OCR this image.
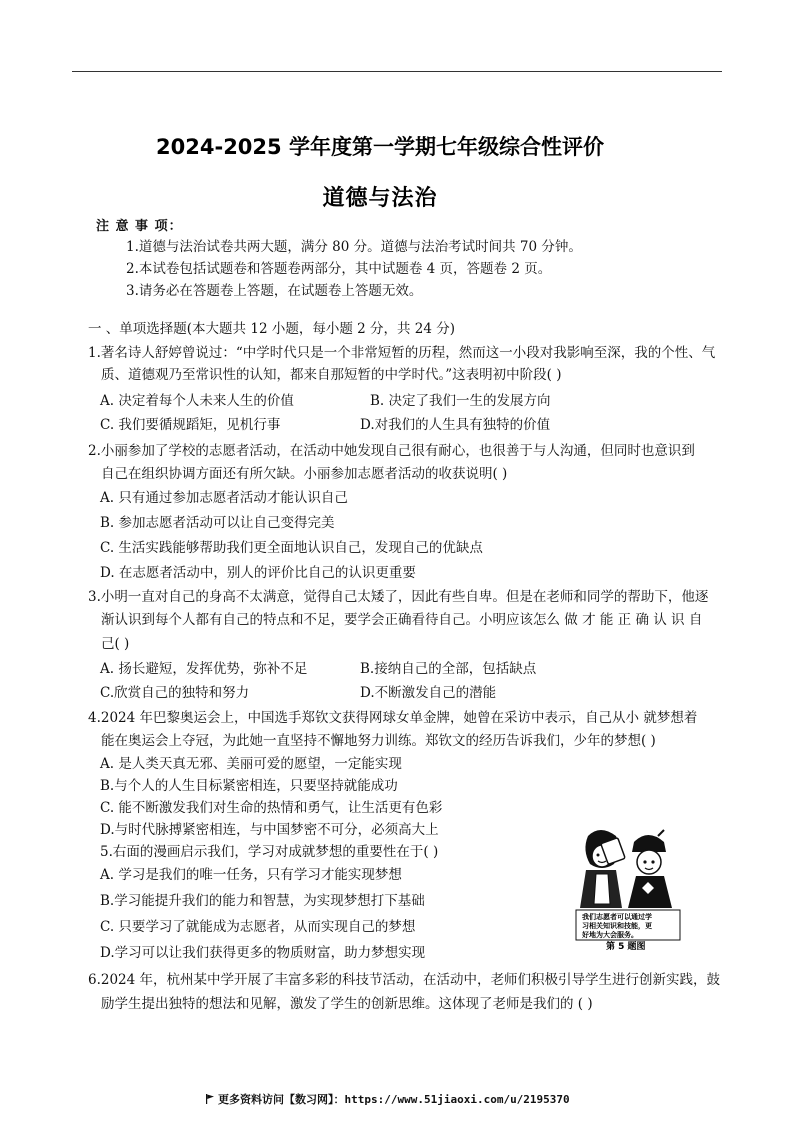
2024-2025 学年度第一学期七年级综合性评价
道德与法治
注 意 事 项：
1.道德与法治试卷共两大题，满分 80 分。道德与法治考试时间共 70 分钟。
2.本试卷包括试题卷和答题卷两部分，其中试题卷 4 页，答题卷 2 页。
3.请务必在答题卷上答题，在试题卷上答题无效。
一 、单项选择题(本大题共 12 小题，每小题 2 分，共 24 分)
1.著名诗人舒婷曾说过：“中学时代只是一个非常短暂的历程，然而这一小段对我影响至深，我的个性、气
质、道德观乃至常识性的认知，都来自那短暂的中学时代。”这表明初中阶段( )
A. 决定着每个人未来人生的价值	B. 决定了我们一生的发展方向
C. 我们要循规蹈矩，见机行事	D.对我们的人生具有独特的价值
2.小丽参加了学校的志愿者活动，在活动中她发现自己很有耐心，也很善于与人沟通，但同时也意识到
自己在组织协调方面还有所欠缺。小丽参加志愿者活动的收获说明( )
A. 只有通过参加志愿者活动才能认识自己
B. 参加志愿者活动可以让自己变得完美
C. 生活实践能够帮助我们更全面地认识自己，发现自己的优缺点
D. 在志愿者活动中，别人的评价比自己的认识更重要
3.小明一直对自己的身高不太满意，觉得自己太矮了，因此有些自卑。但是在老师和同学的帮助下，他逐
渐认识到每个人都有自己的特点和不足，要学会正确看待自己。小明应该怎么 做 才 能 正 确 认 识 自
己( )
A. 扬长避短，发挥优势，弥补不足	B.接纳自己的全部，包括缺点
C.欣赏自己的独特和努力	D.不断激发自己的潜能
4.2024 年巴黎奥运会上，中国选手郑钦文获得网球女单金牌，她曾在采访中表示，自己从小 就梦想着
能在奥运会上夺冠，为此她一直坚持不懈地努力训练。郑钦文的经历告诉我们，少年的梦想( )
A. 是人类天真无邪、美丽可爱的愿望，一定能实现
B.与个人的人生目标紧密相连，只要坚持就能成功
C. 能不断激发我们对生命的热情和勇气，让生活更有色彩
D.与时代脉搏紧密相连，与中国梦密不可分，必须高大上
5.右面的漫画启示我们，学习对成就梦想的重要性在于( )
A. 学习是我们的唯一任务，只有学习才能实现梦想
B.学习能提升我们的能力和智慧，为实现梦想打下基础
C. 只要学习了就能成为志愿者，从而实现自己的梦想
D.学习可以让我们获得更多的物质财富，助力梦想实现
我们志愿者可以通过学
习相关知识和技能，更
好地为大会服务。
第 5 题图
6.2024 年，杭州某中学开展了丰富多彩的科技节活动，在活动中，老师们积极引导学生进行创新实践，鼓
励学生提出独特的想法和见解，激发了学生的创新思维。这体现了老师是我们的 ( )
更多资料访问【数习网】：https://www.51jiaoxi.com/u/2195370
